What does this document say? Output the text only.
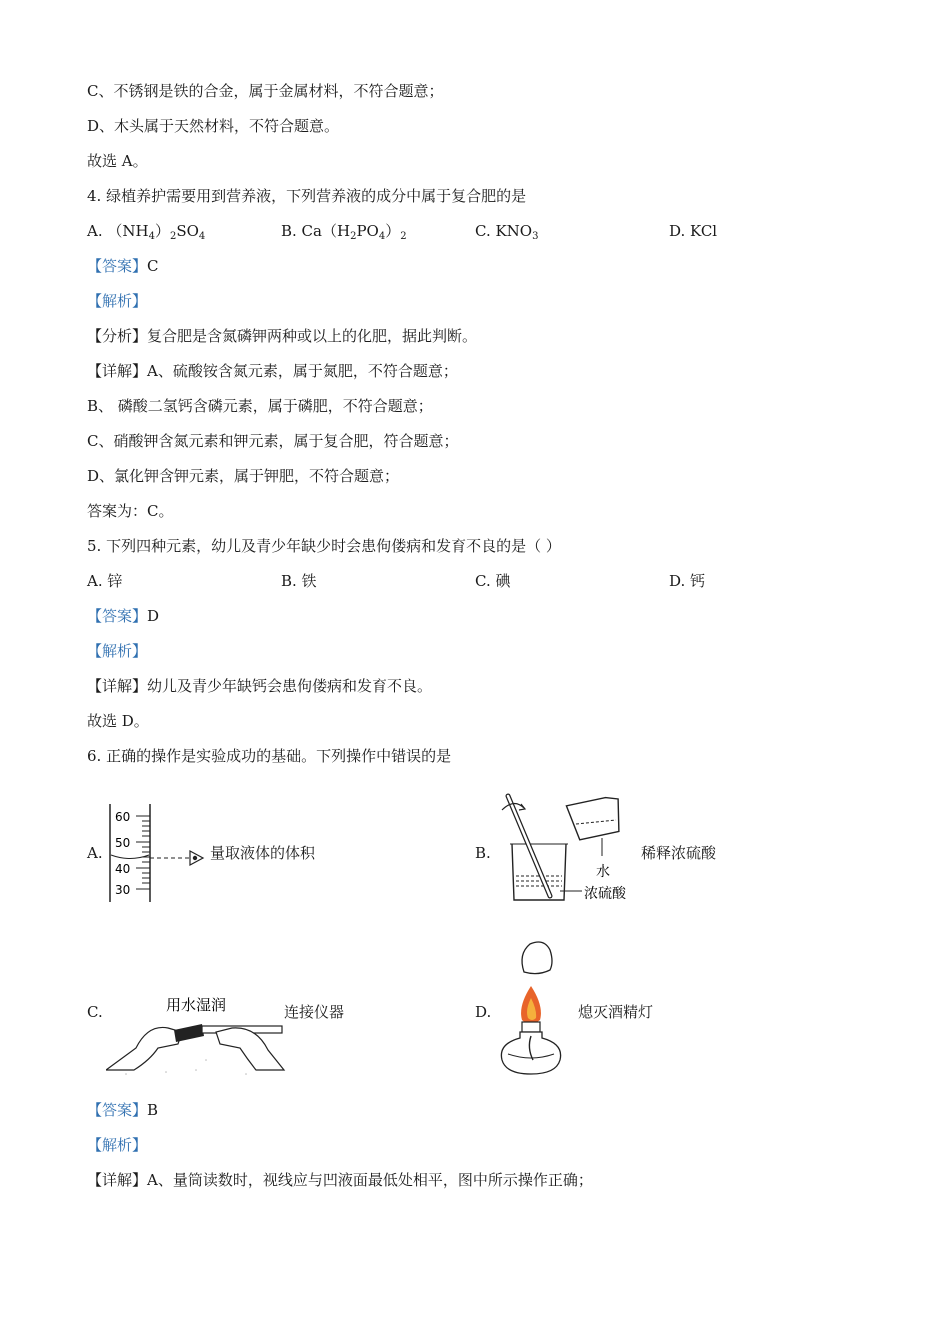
C、不锈钢是铁的合金，属于金属材料，不符合题意；
D、木头属于天然材料，不符合题意。
故选 A。
4. 绿植养护需要用到营养液，下列营养液的成分中属于复合肥的是
A. $(NH_4)_2SO_4$	B. $Ca(H_2PO_4)_2$	C. $KNO_3$	D. KCl
【答案】C
【解析】
【分析】复合肥是含氮磷钾两种或以上的化肥，据此判断。
【详解】A、硫酸铵含氮元素，属于氮肥，不符合题意；
B、 磷酸二氢钙含磷元素，属于磷肥，不符合题意；
C、硝酸钾含氮元素和钾元素，属于复合肥，符合题意；
D、氯化钾含钾元素，属于钾肥，不符合题意；
答案为：C。
5. 下列四种元素，幼儿及青少年缺少时会患佝偻病和发育不良的是（ ）
A. 锌	B. 铁	C. 碘	D. 钙
【答案】D
【解析】
【详解】幼儿及青少年缺钙会患佝偻病和发育不良。
故选 D。
6. 正确的操作是实验成功的基础。下列操作中错误的是
A.
60
50
40
30
量取液体的体积	B.
水
浓硫酸
稀释浓硫酸
C.	用水湿润	连接仪器	D.	熄灭酒精灯
【答案】B
【解析】
【详解】A、量筒读数时，视线应与凹液面最低处相平，图中所示操作正确；
